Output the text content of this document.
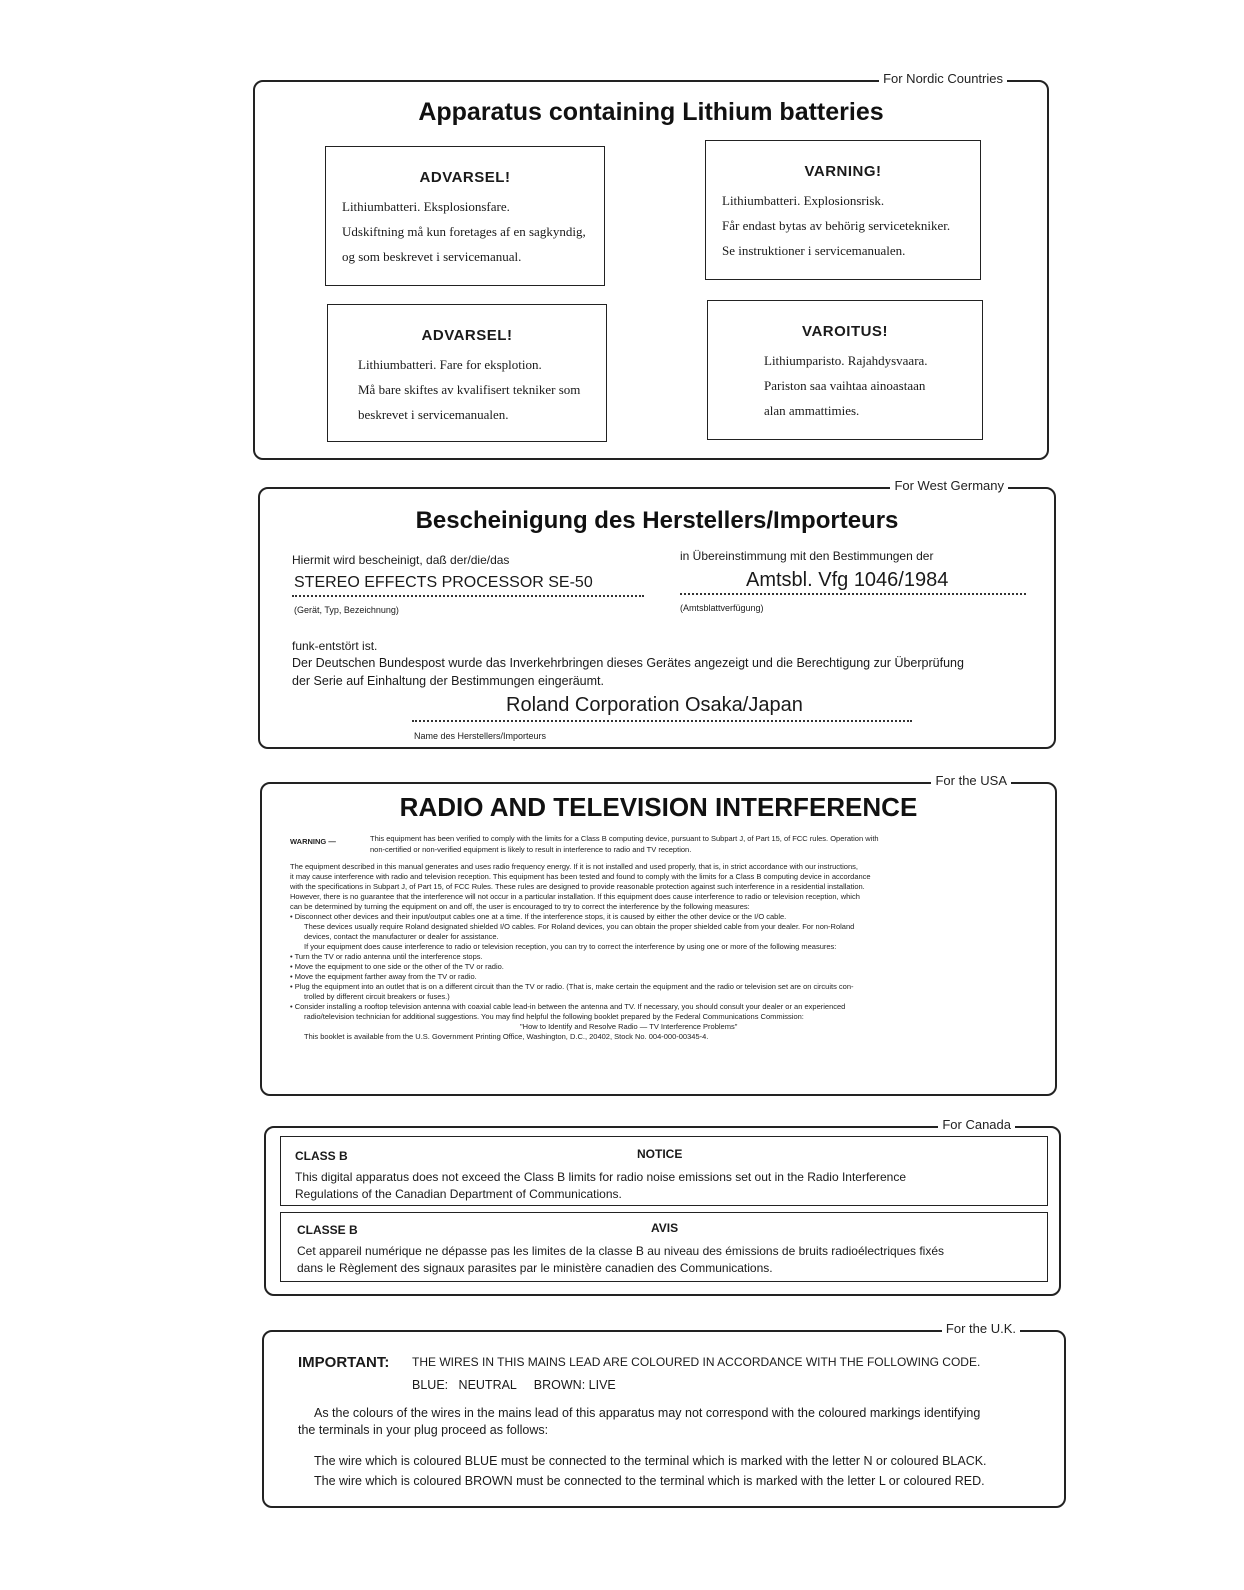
For Nordic Countries
Apparatus containing Lithium batteries
ADVARSEL!
Lithiumbatteri. Eksplosionsfare.
Udskiftning må kun foretages af en sagkyndig,
og som beskrevet i servicemanual.
VARNING!
Lithiumbatteri. Explosionsrisk.
Får endast bytas av behörig servicetekniker.
Se instruktioner i servicemanualen.
ADVARSEL!
Lithiumbatteri. Fare for eksplotion.
Må bare skiftes av kvalifisert tekniker som
beskrevet i servicemanualen.
VAROITUS!
Lithiumparisto. Rajahdysvaara.
Pariston saa vaihtaa ainoastaan
alan ammattimies.
For West Germany
Bescheinigung des Herstellers/Importeurs
Hiermit wird bescheinigt, daß der/die/das	in Übereinstimmung mit den Bestimmungen der
STEREO EFFECTS PROCESSOR SE-50	Amtsbl. Vfg 1046/1984
(Gerät, Typ, Bezeichnung)	(Amtsblattverfügung)
funk-entstört ist.
Der Deutschen Bundespost wurde das Inverkehrbringen dieses Gerätes angezeigt und die Berechtigung zur Überprüfung
der Serie auf Einhaltung der Bestimmungen eingeräumt.
Roland Corporation Osaka/Japan
Name des Herstellers/Importeurs
For the USA
RADIO AND TELEVISION INTERFERENCE
WARNING —	This equipment has been verified to comply with the limits for a Class B computing device, pursuant to Subpart J, of Part 15, of FCC rules. Operation with
non-certified or non-verified equipment is likely to result in interference to radio and TV reception.
The equipment described in this manual generates and uses radio frequency energy. If it is not installed and used properly, that is, in strict accordance with our instructions,
it may cause interference with radio and television reception. This equipment has been tested and found to comply with the limits for a Class B computing device in accordance
with the specifications in Subpart J, of Part 15, of FCC Rules. These rules are designed to provide reasonable protection against such interference in a residential installation.
However, there is no guarantee that the interference will not occur in a particular installation. If this equipment does cause interference to radio or television reception, which
can be determined by turning the equipment on and off, the user is encouraged to try to correct the interference by the following measures:
• Disconnect other devices and their input/output cables one at a time. If the interference stops, it is caused by either the other device or the I/O cable.
These devices usually require Roland designated shielded I/O cables. For Roland devices, you can obtain the proper shielded cable from your dealer. For non-Roland
devices, contact the manufacturer or dealer for assistance.
If your equipment does cause interference to radio or television reception, you can try to correct the interference by using one or more of the following measures:
• Turn the TV or radio antenna until the interference stops.
• Move the equipment to one side or the other of the TV or radio.
• Move the equipment farther away from the TV or radio.
• Plug the equipment into an outlet that is on a different circuit than the TV or radio. (That is, make certain the equipment and the radio or television set are on circuits con-
trolled by different circuit breakers or fuses.)
• Consider installing a rooftop television antenna with coaxial cable lead-in between the antenna and TV. If necessary, you should consult your dealer or an experienced
radio/television technician for additional suggestions. You may find helpful the following booklet prepared by the Federal Communications Commission:
"How to Identify and Resolve Radio — TV Interference Problems"
This booklet is available from the U.S. Government Printing Office, Washington, D.C., 20402, Stock No. 004-000-00345-4.
For Canada
CLASS B	NOTICE
This digital apparatus does not exceed the Class B limits for radio noise emissions set out in the Radio Interference
Regulations of the Canadian Department of Communications.
CLASSE B	AVIS
Cet appareil numérique ne dépasse pas les limites de la classe B au niveau des émissions de bruits radioélectriques fixés
dans le Règlement des signaux parasites par le ministère canadien des Communications.
For the U.K.
IMPORTANT: THE WIRES IN THIS MAINS LEAD ARE COLOURED IN ACCORDANCE WITH THE FOLLOWING CODE.
BLUE:   NEUTRAL     BROWN: LIVE
As the colours of the wires in the mains lead of this apparatus may not correspond with the coloured markings identifying
the terminals in your plug proceed as follows:
The wire which is coloured BLUE must be connected to the terminal which is marked with the letter N or coloured BLACK.
The wire which is coloured BROWN must be connected to the terminal which is marked with the letter L or coloured RED.
